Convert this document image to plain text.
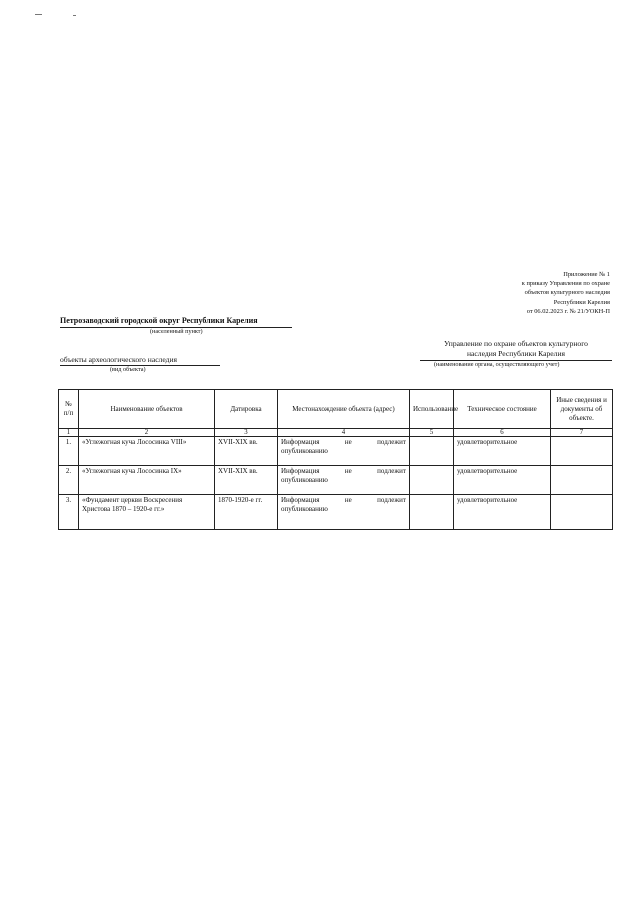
Приложение № 1
к приказу Управления по охране
объектов культурного наследия
Республики Карелия
от 06.02.2023 г. № 21/УОКН-П
Петрозаводский городской округ Республики Карелия
(населенный пункт)
объекты археологического наследия
(вид объекта)
Управление по охране объектов культурного
наследия Республики Карелия
(наименование органа, осуществляющего учет)
№ п/п	Наименование объектов	Датировка	Местонахождение объекта (адрес)	Использование	Техническое состояние	Иные сведения и документы об объекте.
1	2	3	4	5	6	7
1.	«Углежогная куча Лососинка VIII»	XVII-XIX вв.	Информация не подлежит опубликованию		удовлетворительное	
2.	«Углежогная куча Лососинка IX»	XVII-XIX вв.	Информация не подлежит опубликованию		удовлетворительное	
3.	«Фундамент церкви Воскресения Христова 1870 – 1920-е гг.»	1870-1920-е гг.	Информация не подлежит опубликованию		удовлетворительное	
